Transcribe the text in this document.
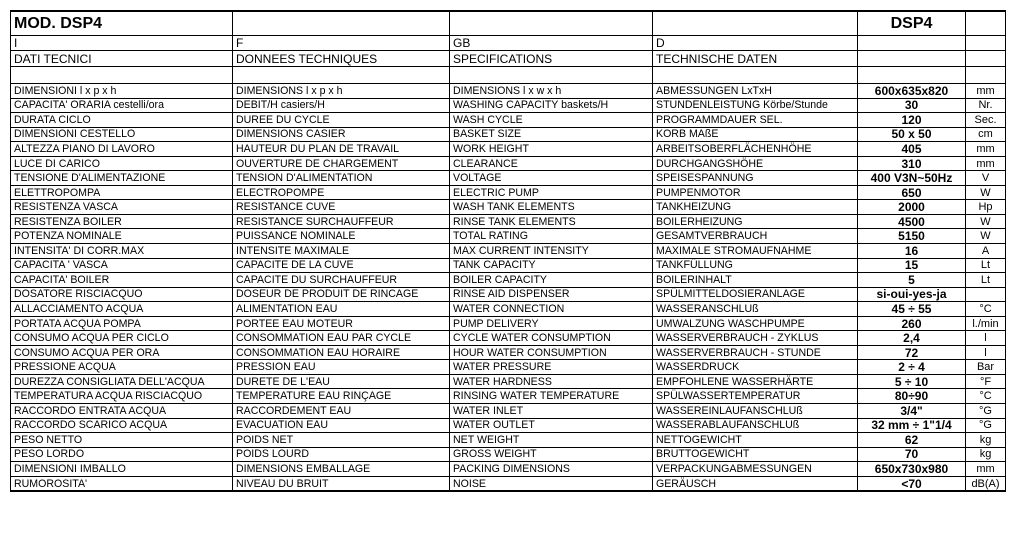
MOD. DSP4				DSP4	
I	F	GB	D		
DATI TECNICI	DONNEES TECHNIQUES	SPECIFICATIONS	TECHNISCHE DATEN		

DIMENSIONI l x p x h	DIMENSIONS l x p x h	DIMENSIONS l x w x h	ABMESSUNGEN LxTxH	600x635x820	mm
CAPACITA' ORARIA cestelli/ora	DEBIT/H casiers/H	WASHING CAPACITY baskets/H	STUNDENLEISTUNG Körbe/Stunde	30	Nr.
DURATA CICLO	DUREE DU CYCLE	WASH CYCLE	PROGRAMMDAUER SEL.	120	Sec.
DIMENSIONI CESTELLO	DIMENSIONS CASIER	BASKET SIZE	KORB MAßE	50 x 50	cm
ALTEZZA PIANO DI LAVORO	HAUTEUR DU PLAN DE TRAVAIL	WORK HEIGHT	ARBEITSOBERFLÄCHENHÖHE	405	mm
LUCE DI CARICO	OUVERTURE DE CHARGEMENT	CLEARANCE	DURCHGANGSHÖHE	310	mm
TENSIONE D'ALIMENTAZIONE	TENSION D'ALIMENTATION	VOLTAGE	SPEISESPANNUNG	400 V3N~50Hz	V
ELETTROPOMPA	ELECTROPOMPE	ELECTRIC PUMP	PUMPENMOTOR	650	W
RESISTENZA VASCA	RESISTANCE CUVE	WASH TANK ELEMENTS	TANKHEIZUNG	2000	Hp
RESISTENZA BOILER	RESISTANCE SURCHAUFFEUR	RINSE TANK ELEMENTS	BOILERHEIZUNG	4500	W
POTENZA NOMINALE	PUISSANCE NOMINALE	TOTAL RATING	GESAMTVERBRAUCH	5150	W
INTENSITA' DI CORR.MAX	INTENSITE MAXIMALE	MAX CURRENT INTENSITY	MAXIMALE STROMAUFNAHME	16	A
CAPACITA ' VASCA	CAPACITE DE LA CUVE	TANK CAPACITY	TANKFÜLLUNG	15	Lt
CAPACITA' BOILER	CAPACITE DU SURCHAUFFEUR	BOILER CAPACITY	BOILERINHALT	5	Lt
DOSATORE RISCIACQUO	DOSEUR DE PRODUIT DE RINCAGE	RINSE AID DISPENSER	SPÜLMITTELDOSIERANLAGE	si-oui-yes-ja	
ALLACCIAMENTO ACQUA	ALIMENTATION EAU	WATER CONNECTION	WASSERANSCHLUß	45 ÷ 55	°C
PORTATA ACQUA POMPA	PORTEE EAU MOTEUR	PUMP DELIVERY	UMWALZUNG WASCHPUMPE	260	l./min
CONSUMO ACQUA PER CICLO	CONSOMMATION EAU PAR CYCLE	CYCLE WATER CONSUMPTION	WASSERVERBRAUCH - ZYKLUS	2,4	l
CONSUMO ACQUA PER ORA	CONSOMMATION EAU HORAIRE	HOUR WATER CONSUMPTION	WASSERVERBRAUCH - STUNDE	72	l
PRESSIONE ACQUA	PRESSION EAU	WATER PRESSURE	WASSERDRUCK	2 ÷ 4	Bar
DUREZZA CONSIGLIATA DELL'ACQUA	DURETE DE L'EAU	WATER HARDNESS	EMPFOHLENE WASSERHÄRTE	5 ÷ 10	°F
TEMPERATURA ACQUA RISCIACQUO	TEMPERATURE EAU RINÇAGE	RINSING WATER TEMPERATURE	SPÜLWASSERTEMPERATUR	80÷90	°C
RACCORDO ENTRATA ACQUA	RACCORDEMENT EAU	WATER INLET	WASSEREINLAUFANSCHLUß	3/4"	°G
RACCORDO SCARICO ACQUA	EVACUATION EAU	WATER OUTLET	WASSERABLAUFANSCHLUß	32 mm ÷ 1"1/4	°G
PESO NETTO	POIDS NET	NET WEIGHT	NETTOGEWICHT	62	kg
PESO LORDO	POIDS LOURD	GROSS WEIGHT	BRUTTOGEWICHT	70	kg
DIMENSIONI IMBALLO	DIMENSIONS EMBALLAGE	PACKING DIMENSIONS	VERPACKUNGABMESSUNGEN	650x730x980	mm
RUMOROSITA'	NIVEAU DU BRUIT	NOISE	GERÄUSCH	<70	dB(A)
